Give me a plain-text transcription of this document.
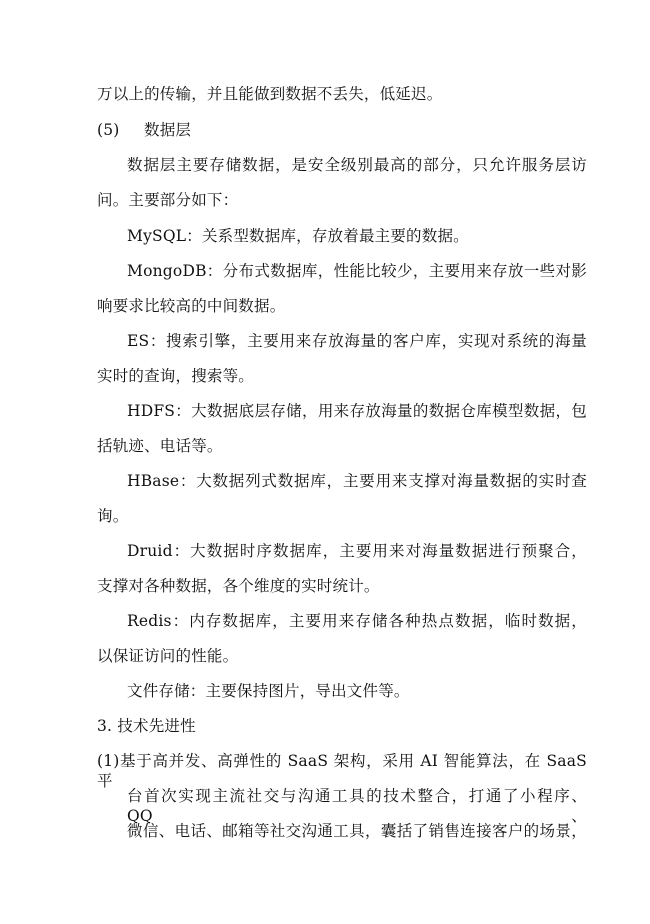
万以上的传输，并且能做到数据不丢失，低延迟。
(5) 数据层
数据层主要存储数据，是安全级别最高的部分，只允许服务层访
问。主要部分如下：
MySQL：关系型数据库，存放着最主要的数据。
MongoDB：分布式数据库，性能比较少，主要用来存放一些对影
响要求比较高的中间数据。
ES：搜索引擎，主要用来存放海量的客户库，实现对系统的海量
实时的查询，搜索等。
HDFS：大数据底层存储，用来存放海量的数据仓库模型数据，包
括轨迹、电话等。
HBase：大数据列式数据库，主要用来支撑对海量数据的实时查
询。
Druid：大数据时序数据库，主要用来对海量数据进行预聚合，
支撑对各种数据，各个维度的实时统计。
Redis：内存数据库，主要用来存储各种热点数据，临时数据，
以保证访问的性能。
文件存储：主要保持图片，导出文件等。
3. 技术先进性
(1)基于高并发、高弹性的 SaaS 架构，采用 AI 智能算法，在 SaaS 平
台首次实现主流社交与沟通工具的技术整合，打通了小程序、QQ、
微信、电话、邮箱等社交沟通工具，囊括了销售连接客户的场景，
